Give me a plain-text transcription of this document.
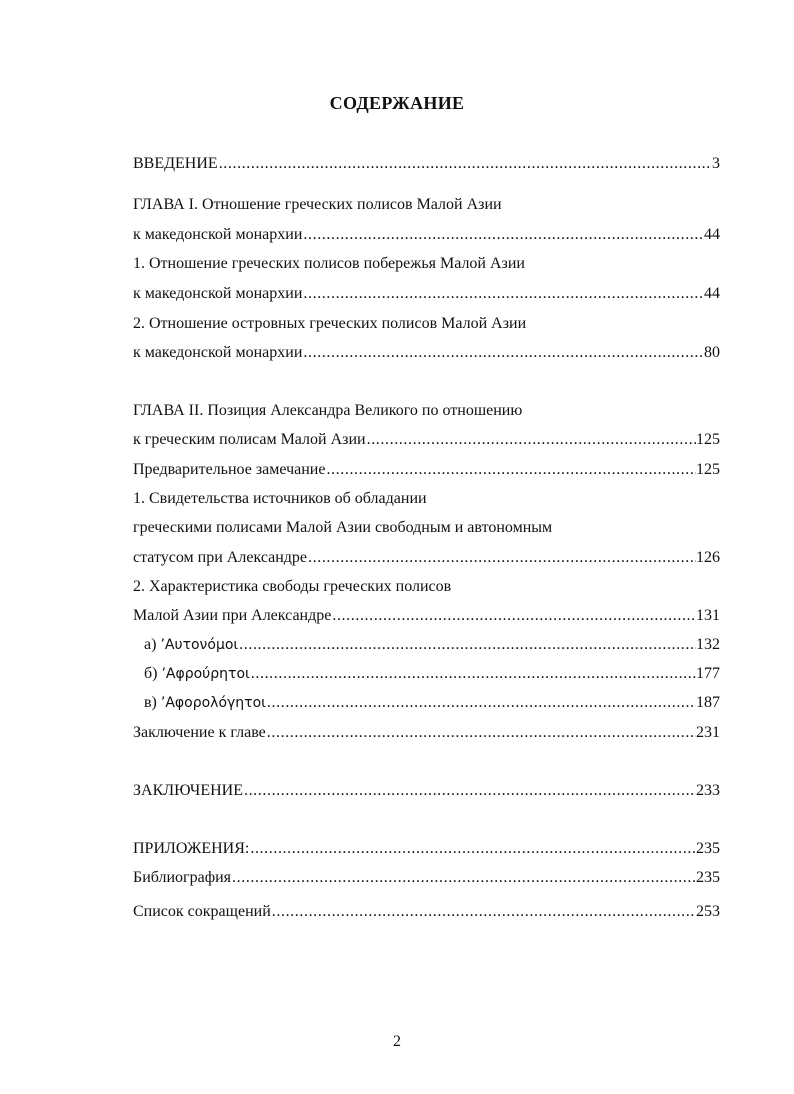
СОДЕРЖАНИЕ
ВВЕДЕНИЕ .....	3
ГЛАВА I. Отношение греческих полисов Малой Азии
к македонской монархии .....	44
1. Отношение греческих полисов побережья Малой Азии
к македонской монархии .....	44
2. Отношение островных греческих полисов Малой Азии
к македонской монархии .....	80
ГЛАВА II. Позиция Александра Великого по отношению
к греческим полисам Малой Азии .....	125
Предварительное замечание .....	125
1. Свидетельства источников об обладании
греческими полисами Малой Азии свободным и автономным
статусом при Александре .....	126
2. Характеристика свободы греческих полисов
Малой Азии при Александре .....	131
а)
’Αυτονόμοι .....	132
б)
’Αφρούρητοι .....	177
в)
’Αφορολόγητοι .....	187
Заключение к главе .....	231
ЗАКЛЮЧЕНИЕ .....	233
ПРИЛОЖЕНИЯ: .....	235
Библиография .....	235
Список сокращений .....	253
2
